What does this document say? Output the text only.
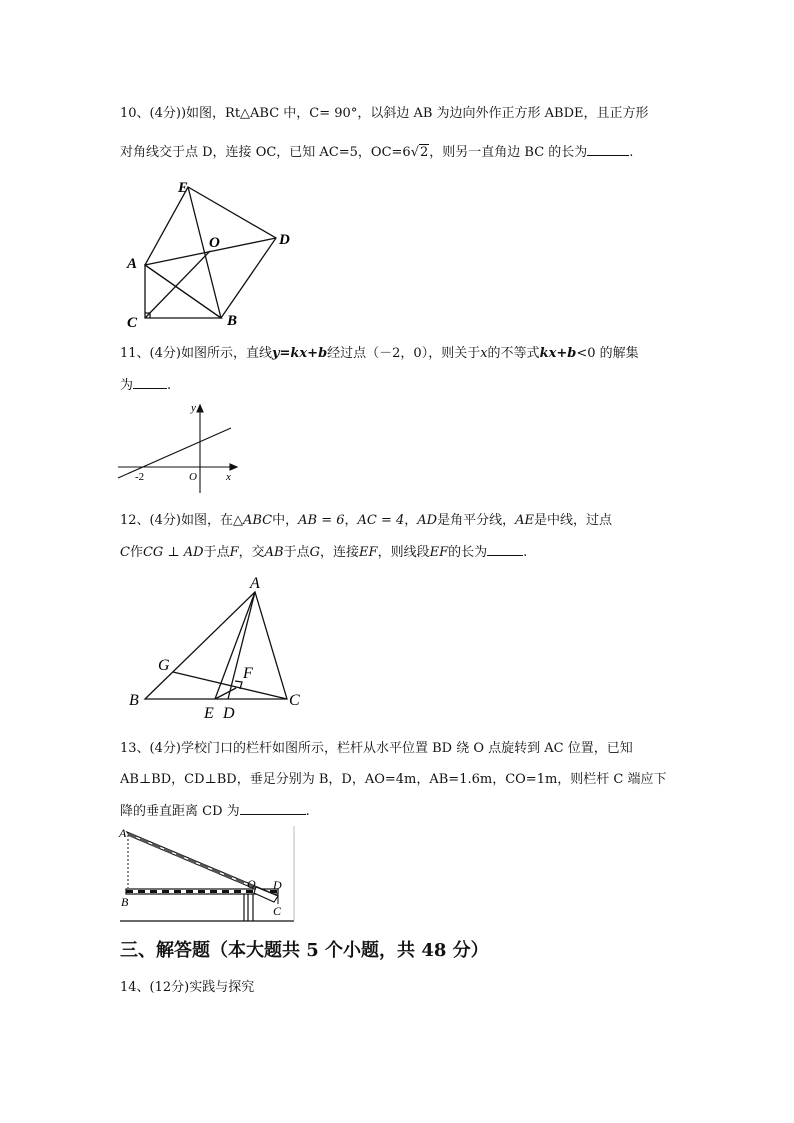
10、(4分))如图，Rt△ABC 中，C= 90°，以斜边 AB 为边向外作正方形 ABDE，且正方形
对角线交于点 D，连接 OC，已知 AC=5，OC=6√2，则另一直角边 BC 的长为	.
E
O	D
A
C	B
11、(4分)如图所示，直线y=kx+b经过点（－2，0），则关于x的不等式kx+b<0 的解集
为	.
y
x
O
-2
12、(4分)如图，在△ABC中，AB = 6，AC = 4，AD是角平分线，AE是中线，过点
C作CG ⊥ AD于点F，交AB于点G，连接EF，则线段EF的长为	.
A
G	F
B
E D
C
13、(4分)学校门口的栏杆如图所示，栏杆从水平位置 BD 绕 O 点旋转到 AC 位置，已知
AB⊥BD，CD⊥BD，垂足分别为 B，D，AO=4m，AB=1.6m，CO=1m，则栏杆 C 端应下
降的垂直距离 CD 为	.
A
B
O D
C
三、解答题（本大题共 5 个小题，共 48 分）
14、(12分)实践与探究
